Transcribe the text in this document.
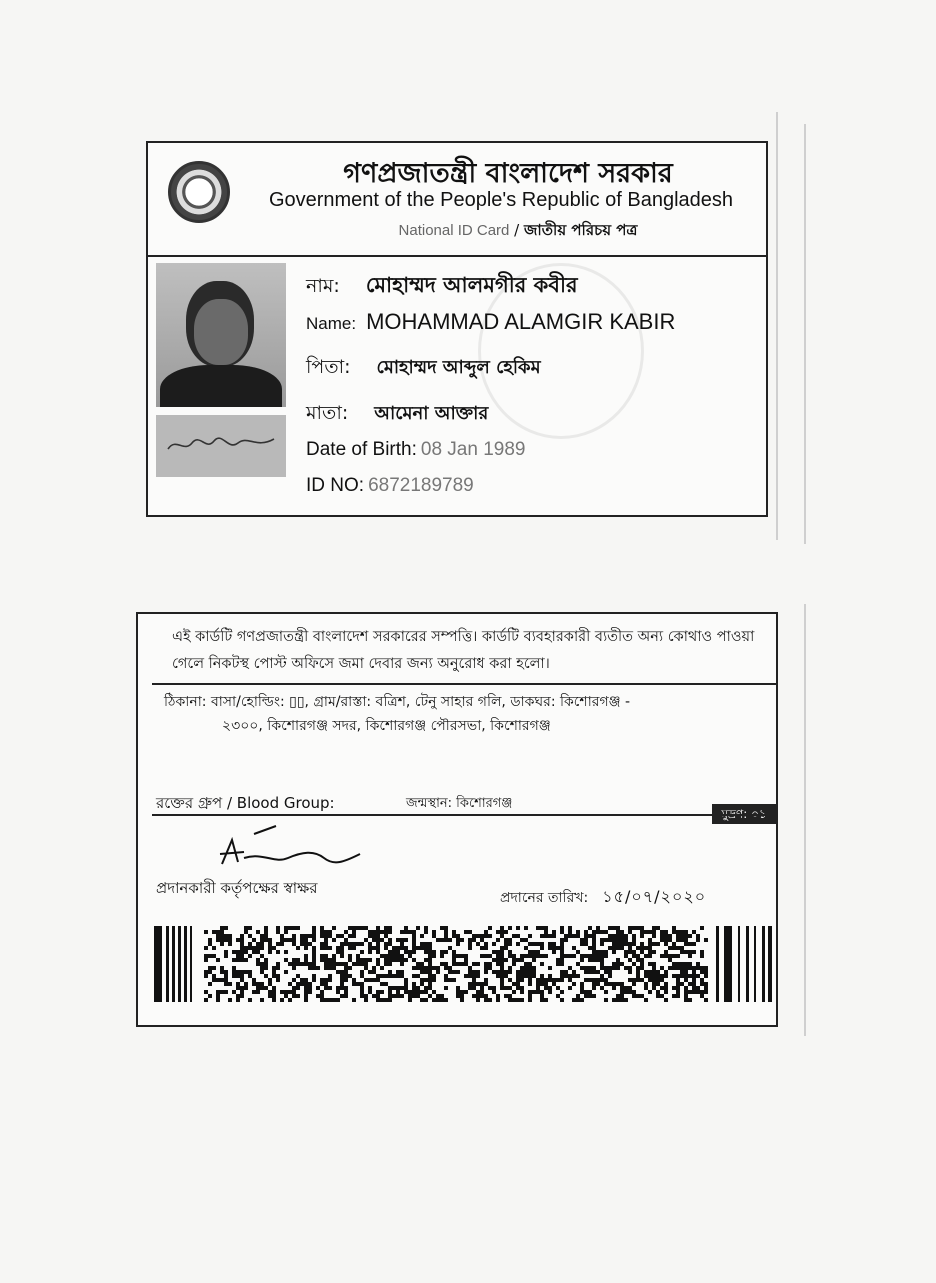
গণপ্রজাতন্ত্রী বাংলাদেশ সরকার
Government of the People's Republic of Bangladesh
National ID Card / জাতীয় পরিচয় পত্র
নাম: মোহাম্মদ আলমগীর কবীর
Name: MOHAMMAD ALAMGIR KABIR
পিতা: মোহাম্মদ আব্দুল হেকিম
মাতা: আমেনা আক্তার
Date of Birth: 08 Jan 1989
ID NO: 6872189789
এই কার্ডটি গণপ্রজাতন্ত্রী বাংলাদেশ সরকারের সম্পত্তি। কার্ডটি ব্যবহারকারী ব্যতীত অন্য কোথাও পাওয়া গেলে নিকটস্থ পোস্ট অফিসে জমা দেবার জন্য অনুরোধ করা হলো।
ঠিকানা: বাসা/হোল্ডিং: ▯▯, গ্রাম/রাস্তা: বত্রিশ, টেনু সাহার গলি, ডাকঘর: কিশোরগঞ্জ -
২৩০০, কিশোরগঞ্জ সদর, কিশোরগঞ্জ পৌরসভা, কিশোরগঞ্জ
রক্তের গ্রুপ / Blood Group:	জন্মস্থান: কিশোরগঞ্জ
মুদ্রণ: ০১
প্রদানকারী কর্তৃপক্ষের স্বাক্ষর
প্রদানের তারিখ: ১৫/০৭/২০২০
